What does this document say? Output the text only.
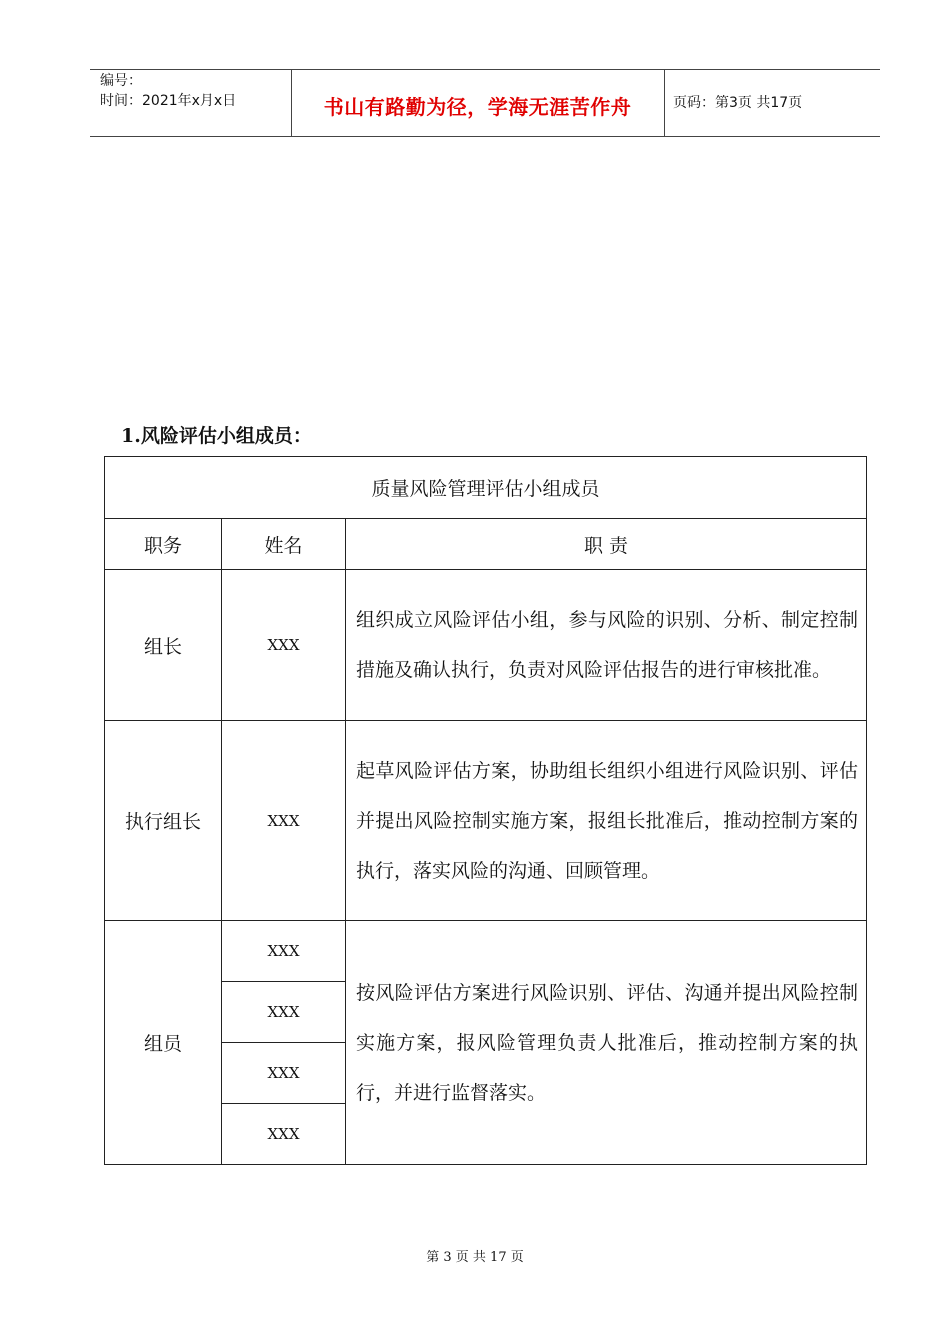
编号：
时间：2021年x月x日	书山有路勤为径，学海无涯苦作舟	页码：第3页 共17页
1.风险评估小组成员：
质量风险管理评估小组成员		
职务	姓名	职 责
组长	XXX	组织成立风险评估小组，参与风险的识别、分析、制定控制措施及确认执行，负责对风险评估报告的进行审核批准。
执行组长	XXX	起草风险评估方案，协助组长组织小组进行风险识别、评估并提出风险控制实施方案，报组长批准后，推动控制方案的执行，落实风险的沟通、回顾管理。
组员	XXX	按风险评估方案进行风险识别、评估、沟通并提出风险控制实施方案，报风险管理负责人批准后，推动控制方案的执行，并进行监督落实。
	XXX	
	XXX	
	XXX	
第 3 页 共 17 页
